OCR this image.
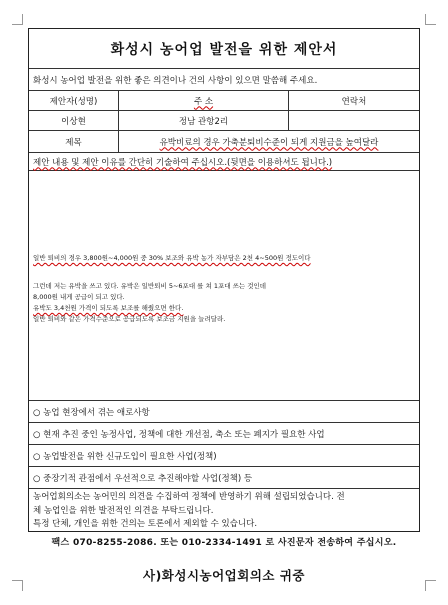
화성시 농어업 발전을 위한 제안서
화성시 농어업 발전을 위한 좋은 의견이나 건의 사항이 있으면 말씀해 주세요.
제안자(성명)	주 소	연락처
이상현	정남 관항2리
제목	유박비료의 경우 가축분퇴비수준이 되게 지원금을 높여달라
제안 내용 및 제안 이유를 간단히 기술하여 주십시오.(뒷면을 이용하셔도 됩니다.)
일반 퇴비의 경우 3,800원~4,000원 중 30% 보조와 유박 농가 자부담은 2천 4~500원 정도이다
그런데 저는 유박을 쓰고 있다. 유박은 일반퇴비 5~6포대 를 쳐 1포대 쓰는 것인데
8,000원 내게 공급이 되고 있다.
유박도 3,4천원 가격이 되도록 보조를 해줬으면 한다.
일반 퇴비와 같은 가격수준으로 공급되도록 보조금 지원을 늘려달라.
○ 농업 현장에서 겪는 애로사항
○ 현재 추진 중인 농정사업, 정책에 대한 개선점, 축소 또는 폐지가 필요한 사업
○ 농업발전을 위한 신규도입이 필요한 사업(정책)
○ 중장기적 관점에서 우선적으로 추진해야할 사업(정책) 등
농어업회의소는 농어민의 의견을 수집하여 정책에 반영하기 위해 설립되었습니다. 전
체 농업인을 위한 발전적인 의견을 부탁드립니다.
특정 단체, 개인을 위한 건의는 토론에서 제외할 수 있습니다.
팩스 070-8255-2086. 또는 010-2334-1491 로 사진문자 전송하여 주십시오.
사)화성시농어업회의소 귀중
